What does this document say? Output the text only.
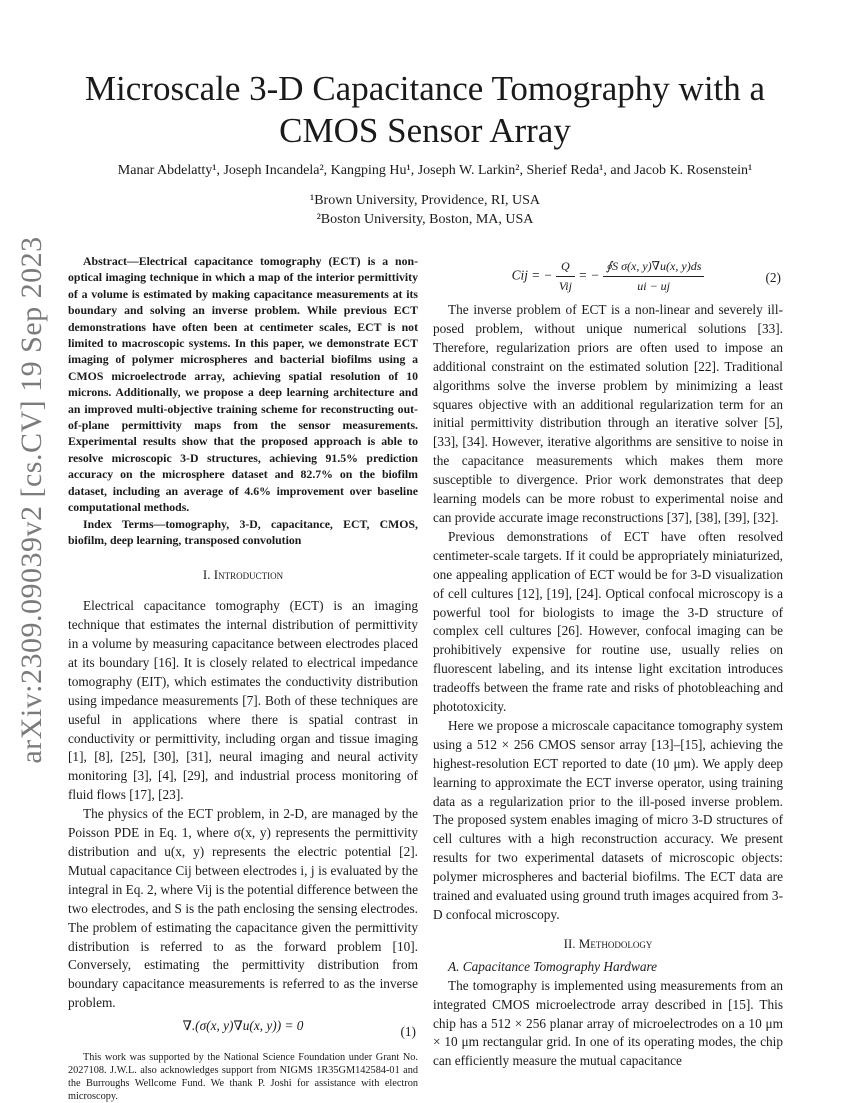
arXiv:2309.09039v2 [cs.CV] 19 Sep 2023
Microscale 3-D Capacitance Tomography with a CMOS Sensor Array
Manar Abdelatty¹, Joseph Incandela², Kangping Hu¹, Joseph W. Larkin², Sherief Reda¹, and Jacob K. Rosenstein¹
¹Brown University, Providence, RI, USA
²Boston University, Boston, MA, USA

Abstract—Electrical capacitance tomography (ECT) is a non-optical imaging technique in which a map of the interior permittivity of a volume is estimated by making capacitance measurements at its boundary and solving an inverse problem. While previous ECT demonstrations have often been at centimeter scales, ECT is not limited to macroscopic systems. In this paper, we demonstrate ECT imaging of polymer microspheres and bacterial biofilms using a CMOS microelectrode array, achieving spatial resolution of 10 microns. Additionally, we propose a deep learning architecture and an improved multi-objective training scheme for reconstructing out-of-plane permittivity maps from the sensor measurements. Experimental results show that the proposed approach is able to resolve microscopic 3-D structures, achieving 91.5% prediction accuracy on the microsphere dataset and 82.7% on the biofilm dataset, including an average of 4.6% improvement over baseline computational methods.

Index Terms—tomography, 3-D, capacitance, ECT, CMOS, biofilm, deep learning, transposed convolution

I. Introduction

Electrical capacitance tomography (ECT) is an imaging technique that estimates the internal distribution of permittivity in a volume by measuring capacitance between electrodes placed at its boundary [16]. It is closely related to electrical impedance tomography (EIT), which estimates the conductivity distribution using impedance measurements [7]. Both of these techniques are useful in applications where there is spatial contrast in conductivity or permittivity, including organ and tissue imaging [1], [8], [25], [30], [31], neural imaging and neural activity monitoring [3], [4], [29], and industrial process monitoring of fluid flows [17], [23].

The physics of the ECT problem, in 2-D, are managed by the Poisson PDE in Eq. 1, where σ(x, y) represents the permittivity distribution and u(x, y) represents the electric potential [2]. Mutual capacitance Cij between electrodes i, j is evaluated by the integral in Eq. 2, where Vij is the potential difference between the two electrodes, and S is the path enclosing the sensing electrodes. The problem of estimating the capacitance given the permittivity distribution is referred to as the forward problem [10]. Conversely, estimating the permittivity distribution from boundary capacitance measurements is referred to as the inverse problem.

∇.(σ(x, y)∇u(x, y)) = 0	(1)

This work was supported by the National Science Foundation under Grant No. 2027108. J.W.L. also acknowledges support from NIGMS 1R35GM142584-01 and the Burroughs Wellcome Fund. We thank P. Joshi for assistance with electron microscopy.

Cij = − $\frac{Q}{\text{Vij}}$ = − $\frac{\text{∮S σ(x, y)∇u(x, y)ds}}{ui - uj}$	(2)

The inverse problem of ECT is a non-linear and severely ill-posed problem, without unique numerical solutions [33]. Therefore, regularization priors are often used to impose an additional constraint on the estimated solution [22]. Traditional algorithms solve the inverse problem by minimizing a least squares objective with an additional regularization term for an initial permittivity distribution through an iterative solver [5], [33], [34]. However, iterative algorithms are sensitive to noise in the capacitance measurements which makes them more susceptible to divergence. Prior work demonstrates that deep learning models can be more robust to experimental noise and can provide accurate image reconstructions [37], [38], [39], [32].

Previous demonstrations of ECT have often resolved centimeter-scale targets. If it could be appropriately miniaturized, one appealing application of ECT would be for 3-D visualization of cell cultures [12], [19], [24]. Optical confocal microscopy is a powerful tool for biologists to image the 3-D structure of complex cell cultures [26]. However, confocal imaging can be prohibitively expensive for routine use, usually relies on fluorescent labeling, and its intense light excitation introduces tradeoffs between the frame rate and risks of photobleaching and phototoxicity.

Here we propose a microscale capacitance tomography system using a 512 × 256 CMOS sensor array [13]–[15], achieving the highest-resolution ECT reported to date (10 μm). We apply deep learning to approximate the ECT inverse operator, using training data as a regularization prior to the ill-posed inverse problem. The proposed system enables imaging of micro 3-D structures of cell cultures with a high reconstruction accuracy. We present results for two experimental datasets of microscopic objects: polymer microspheres and bacterial biofilms. The ECT data are trained and evaluated using ground truth images acquired from 3-D confocal microscopy.

II. Methodology

A. Capacitance Tomography Hardware

The tomography is implemented using measurements from an integrated CMOS microelectrode array described in [15]. This chip has a 512 × 256 planar array of microelectrodes on a 10 μm × 10 μm rectangular grid. In one of its operating modes, the chip can efficiently measure the mutual capacitance
